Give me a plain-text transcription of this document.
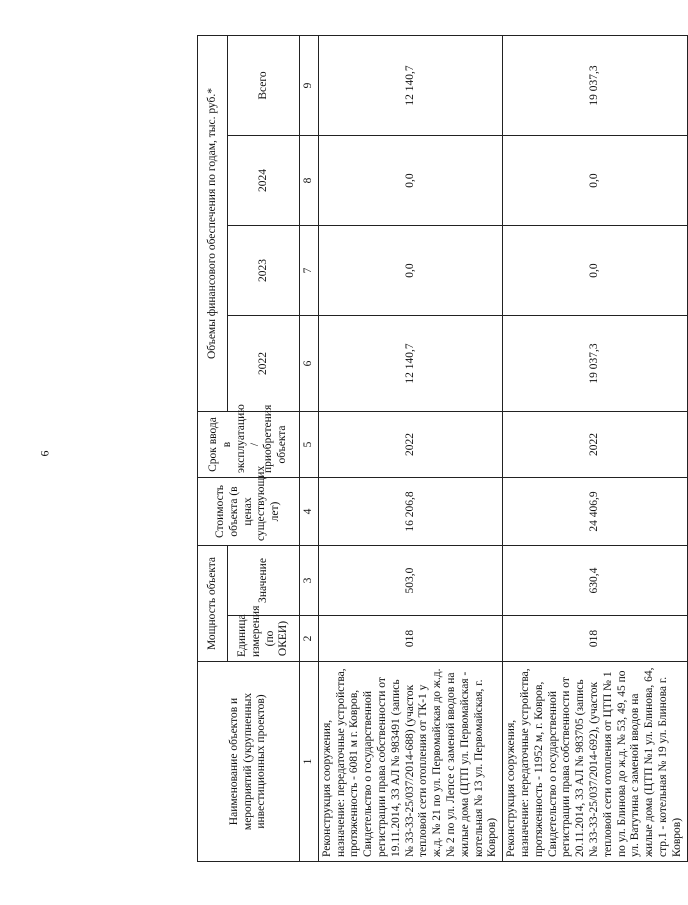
6
Наименование объектов и мероприятий (укрупненных инвестиционных проектов)	Мощность объекта		Стоимость объекта (в ценах существующих лет)	Срок ввода в эксплуатацию / приобретения объекта	Объемы финансового обеспечения по годам, тыс. руб.*			
	Единица измерения (по ОКЕИ)	Значение			2022	2023	2024	Всего
1	2	3	4	5	6	7	8	9
Реконструкция сооружения, назначение: передаточные устройства, протяженность - 6081 м г. Ковров, Свидетельство о государственной регистрации права собственности от 19.11.2014, 33 АЛ № 983491 (запись № 33-33-25/037/2014-688) (участок тепловой сети отопления от ТК-1 у ж.д. № 21 по ул. Первомайская до ж.д. № 2 по ул. Лепсе с заменой вводов на жилые дома (ЦТП ул. Первомайская - котельная № 13 ул. Первомайская, г. Ковров)	018	503,0	16 206,8	2022	12 140,7	0,0	0,0	12 140,7
Реконструкция сооружения, назначение: передаточные устройства, протяженность - 11952 м, г. Ковров, Свидетельство о государственной регистрации права собственности от 20.11.2014, 33 АЛ № 983705 (запись № 33-33-25/037/2014-692), (участок тепловой сети отопления от ЦТП № 1 по ул. Блинова до ж.д. № 53, 49, 45 по ул. Ватутина с заменой вводов на жилые дома (ЦТП №1 ул. Блинова, 64, стр.1 - котельная № 19 ул. Блинова г. Ковров)	018	630,4	24 406,9	2022	19 037,3	0,0	0,0	19 037,3
